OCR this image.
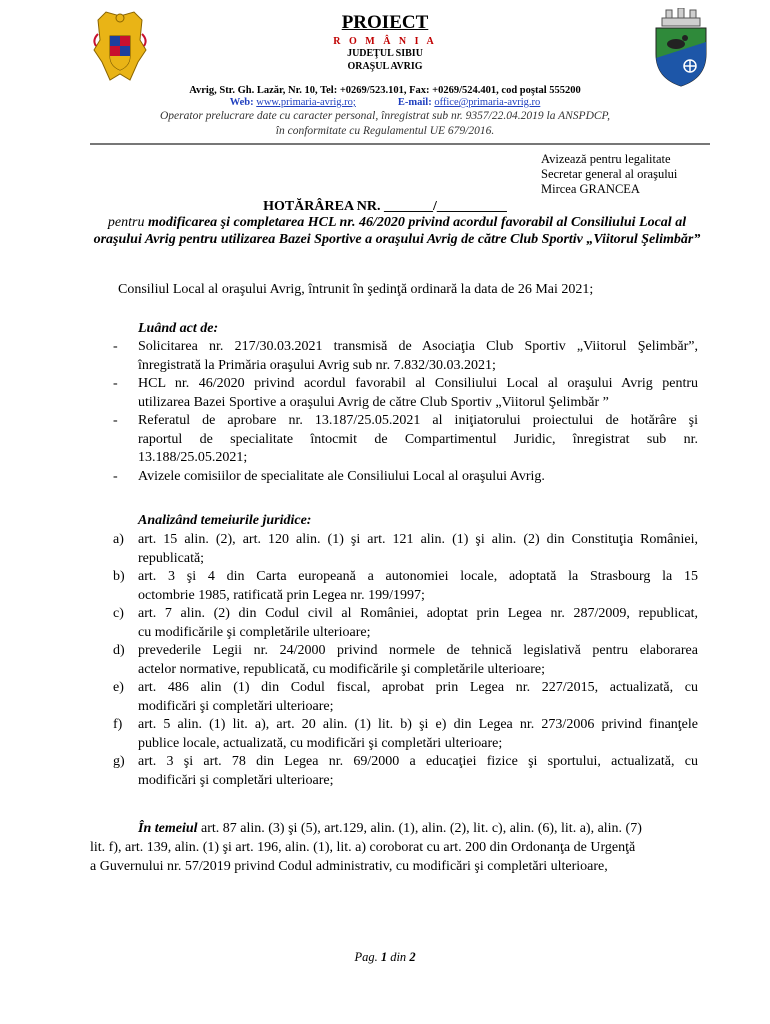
PROIECT
R O M Â N I A
JUDEŢUL SIBIU
ORAŞUL AVRIG
Avrig, Str. Gh. Lazăr, Nr. 10, Tel: +0269/523.101, Fax: +0269/524.401, cod poştal 555200
Web: www.primaria-avrig.ro;	E-mail: office@primaria-avrig.ro
Operator prelucrare date cu caracter personal, înregistrat sub nr. 9357/22.04.2019 la ANSPDCP,
în conformitate cu Regulamentul UE 679/2016.
Avizează pentru legalitate
Secretar general al oraşului
Mircea GRANCEA
HOTĂRÂREA NR. _______/__________
pentru modificarea şi completarea HCL nr. 46/2020 privind acordul favorabil al Consiliului Local al oraşului Avrig pentru utilizarea Bazei Sportive a oraşului Avrig de către Club Sportiv „Viitorul Şelimbăr”
Consiliul Local al oraşului Avrig, întrunit în şedinţă ordinară la data de 26 Mai 2021;
Luând act de:
-	Solicitarea nr. 217/30.03.2021 transmisă de Asociaţia Club Sportiv „Viitorul Şelimbăr”,
înregistrată la Primăria oraşului Avrig sub nr. 7.832/30.03.2021;
-	HCL nr. 46/2020 privind acordul favorabil al Consiliului Local al oraşului Avrig pentru
utilizarea Bazei Sportive a oraşului Avrig de către Club Sportiv „Viitorul Şelimbăr ”
-	Referatul de aprobare nr. 13.187/25.05.2021 al iniţiatorului proiectului de hotărâre şi
raportul de specialitate întocmit de Compartimentul Juridic, înregistrat sub nr.
13.188/25.05.2021;
-	Avizele comisiilor de specialitate ale Consiliului Local al oraşului Avrig.
Analizând temeiurile juridice:
a)	art. 15 alin. (2), art. 120 alin. (1) şi art. 121 alin. (1) şi alin. (2) din Constituţia României,
republicată;
b) art. 3 şi 4 din Carta europeană a autonomiei locale, adoptată la Strasbourg la 15
octombrie 1985, ratificată prin Legea nr. 199/1997;
c)	art. 7 alin. (2) din Codul civil al României, adoptat prin Legea nr. 287/2009, republicat,
cu modificările şi completările ulterioare;
d) prevederile Legii nr. 24/2000 privind normele de tehnică legislativă pentru elaborarea
actelor normative, republicată, cu modificările şi completările ulterioare;
e)	art. 486 alin (1) din Codul fiscal, aprobat prin Legea nr. 227/2015, actualizată, cu
modificări şi completări ulterioare;
f)	art. 5 alin. (1) lit. a), art. 20 alin. (1) lit. b) şi e) din Legea nr. 273/2006 privind finanţele
publice locale, actualizată, cu modificări şi completări ulterioare;
g) art. 3 şi art. 78 din Legea nr. 69/2000 a educaţiei fizice şi sportului, actualizată, cu
modificări şi completări ulterioare;
În temeiul art. 87 alin. (3) şi (5), art.129, alin. (1), alin. (2), lit. c), alin. (6), lit. a), alin. (7)
lit. f), art. 139, alin. (1) şi art. 196, alin. (1), lit. a) coroborat cu art. 200 din Ordonanţa de Urgenţă
a Guvernului nr. 57/2019 privind Codul administrativ, cu modificări şi completări ulterioare,
Pag. 1 din 2
